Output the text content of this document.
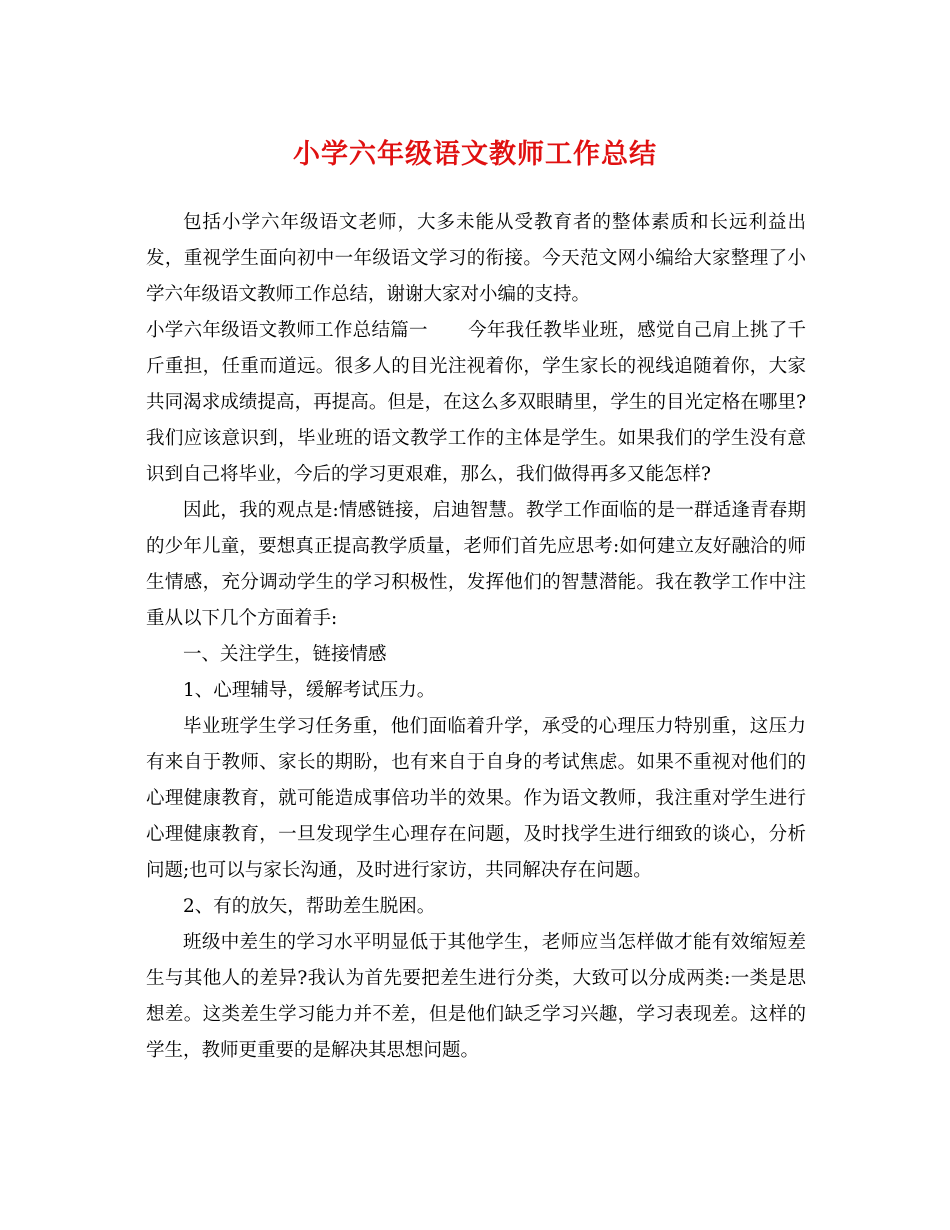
小学六年级语文教师工作总结

包括小学六年级语文老师，大多未能从受教育者的整体素质和长远利益出发，重视学生面向初中一年级语文学习的衔接。今天范文网小编给大家整理了小学六年级语文教师工作总结，谢谢大家对小编的支持。

小学六年级语文教师工作总结篇一 今年我任教毕业班，感觉自己肩上挑了千斤重担，任重而道远。很多人的目光注视着你，学生家长的视线追随着你，大家共同渴求成绩提高，再提高。但是，在这么多双眼睛里，学生的目光定格在哪里?我们应该意识到，毕业班的语文教学工作的主体是学生。如果我们的学生没有意识到自己将毕业，今后的学习更艰难，那么，我们做得再多又能怎样?

因此，我的观点是:情感链接，启迪智慧。教学工作面临的是一群适逢青春期的少年儿童，要想真正提高教学质量，老师们首先应思考:如何建立友好融洽的师生情感，充分调动学生的学习积极性，发挥他们的智慧潜能。我在教学工作中注重从以下几个方面着手:

一、关注学生，链接情感

1、心理辅导，缓解考试压力。

毕业班学生学习任务重，他们面临着升学，承受的心理压力特别重，这压力有来自于教师、家长的期盼，也有来自于自身的考试焦虑。如果不重视对他们的心理健康教育，就可能造成事倍功半的效果。作为语文教师，我注重对学生进行心理健康教育，一旦发现学生心理存在问题，及时找学生进行细致的谈心，分析问题;也可以与家长沟通，及时进行家访，共同解决存在问题。

2、有的放矢，帮助差生脱困。

班级中差生的学习水平明显低于其他学生，老师应当怎样做才能有效缩短差生与其他人的差异?我认为首先要把差生进行分类，大致可以分成两类:一类是思想差。这类差生学习能力并不差，但是他们缺乏学习兴趣，学习表现差。这样的学生，教师更重要的是解决其思想问题。
